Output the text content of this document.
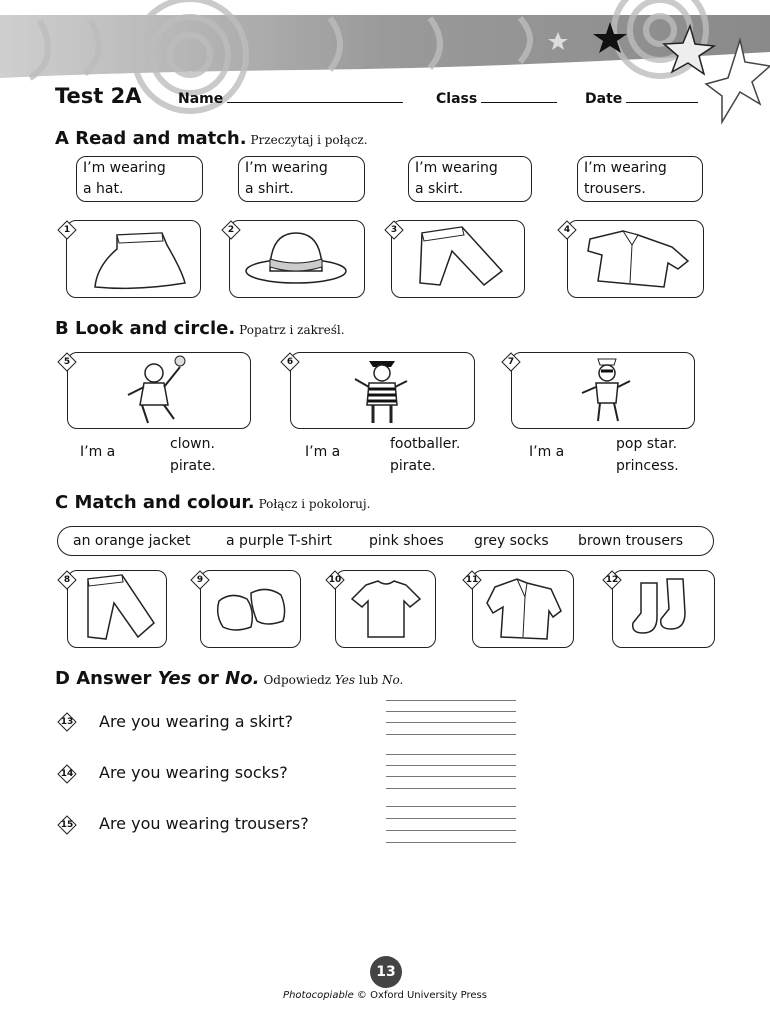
Test 2A	Name	Class	Date
A Read and match. Przeczytaj i połącz.
I’m wearing
a hat.
I’m wearing
a shirt.
I’m wearing
a skirt.
I’m wearing
trousers.
1	2	3	4
B Look and circle. Popatrz i zakreśl.
5	6	7
I’m a	clown.
pirate.
I’m a	footballer.
pirate.
I’m a	pop star.
princess.
C Match and colour. Połącz i pokoloruj.
an orange jacket	a purple T-shirt	pink shoes grey socks brown trousers
8	9	10	11	12
D Answer Yes or No. Odpowiedz Yes lub No.
13 Are you wearing a skirt?
14 Are you wearing socks?
15 Are you wearing trousers?
13
Photocopiable © Oxford University Press
